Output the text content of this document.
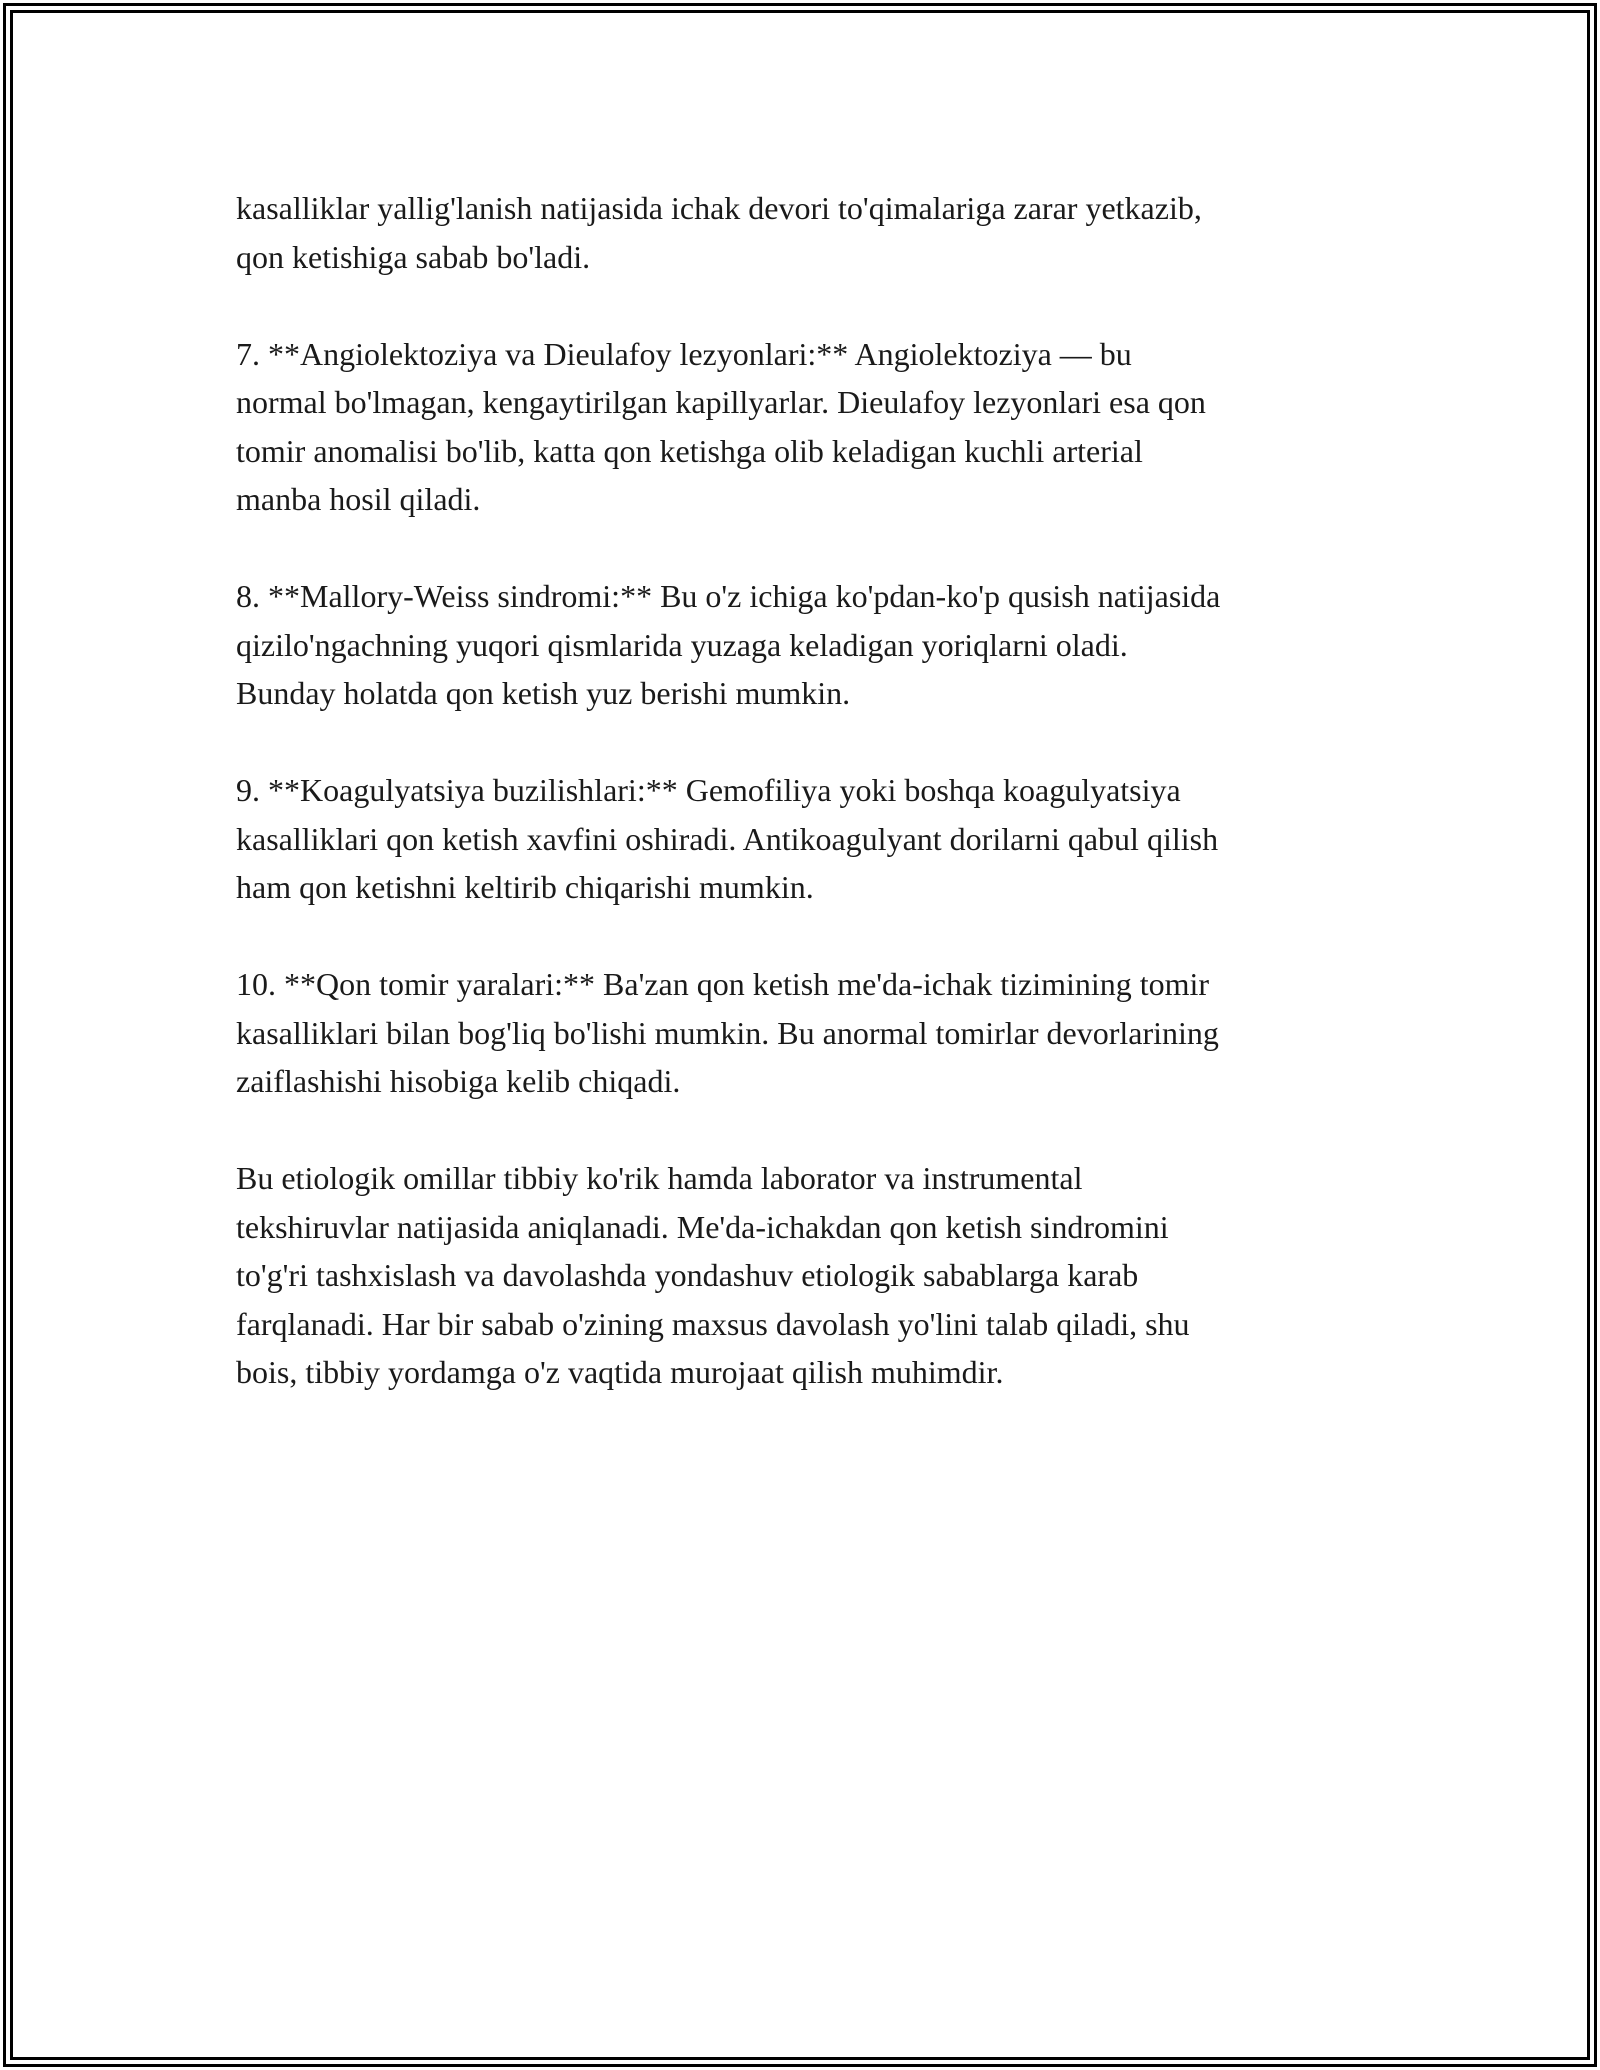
kasalliklar yallig'lanish natijasida ichak devori to'qimalariga zarar yetkazib,
qon ketishiga sabab bo'ladi.

7. **Angiolektoziya va Dieulafoy lezyonlari:** Angiolektoziya — bu
normal bo'lmagan, kengaytirilgan kapillyarlar. Dieulafoy lezyonlari esa qon
tomir anomalisi bo'lib, katta qon ketishga olib keladigan kuchli arterial
manba hosil qiladi.

8. **Mallory-Weiss sindromi:** Bu o'z ichiga ko'pdan-ko'p qusish natijasida
qizilo'ngachning yuqori qismlarida yuzaga keladigan yoriqlarni oladi.
Bunday holatda qon ketish yuz berishi mumkin.

9. **Koagulyatsiya buzilishlari:** Gemofiliya yoki boshqa koagulyatsiya
kasalliklari qon ketish xavfini oshiradi. Antikoagulyant dorilarni qabul qilish
ham qon ketishni keltirib chiqarishi mumkin.

10. **Qon tomir yaralari:** Ba'zan qon ketish me'da-ichak tizimining tomir
kasalliklari bilan bog'liq bo'lishi mumkin. Bu anormal tomirlar devorlarining
zaiflashishi hisobiga kelib chiqadi.

Bu etiologik omillar tibbiy ko'rik hamda laborator va instrumental
tekshiruvlar natijasida aniqlanadi. Me'da-ichakdan qon ketish sindromini
to'g'ri tashxislash va davolashda yondashuv etiologik sabablarga karab
farqlanadi. Har bir sabab o'zining maxsus davolash yo'lini talab qiladi, shu
bois, tibbiy yordamga o'z vaqtida murojaat qilish muhimdir.
